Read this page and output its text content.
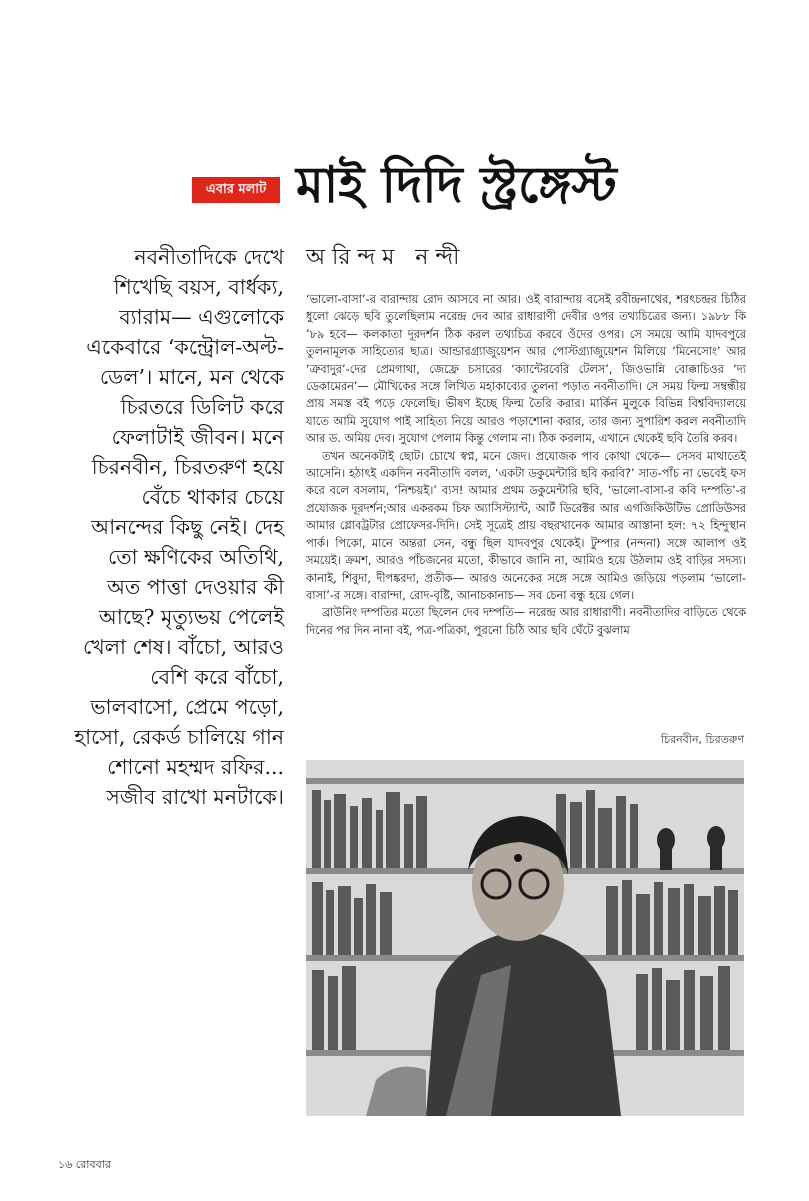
এবার মলাট মাই দিদি স্ট্রঙ্গেস্ট
অরিন্দম নন্দী

নবনীতাদিকে দেখে শিখেছি বয়স, বার্ধক্য, ব্যারাম— এগুলোকে একেবারে ‘কন্ট্রোল-অল্ট-ডেল’। মানে, মন থেকে চিরতরে ডিলিট করে ফেলাটাই জীবন। মনে চিরনবীন, চিরতরুণ হয়ে বেঁচে থাকার চেয়ে আনন্দের কিছু নেই। দেহ তো ক্ষণিকের অতিথি, অত পাত্তা দেওয়ার কী আছে? মৃত্যুভয় পেলেই খেলা শেষ। বাঁচো, আরও বেশি করে বাঁচো, ভালবাসো, প্রেমে পড়ো, হাসো, রেকর্ড চালিয়ে গান শোনো মহম্মদ রফির... সজীব রাখো মনটাকে।

‘ভালো-বাসা’-র বারান্দায় রোদ আসবে না আর। ওই বারান্দায় বসেই রবীন্দ্রনাথের, শরৎচন্দ্রর চিঠির ধুলো ঝেড়ে ছবি তুলেছিলাম নরেন্দ্র দেব আর রাধারাণী দেবীর ওপর তথ্যচিত্রের জন্য। ১৯৮৮ কি ’৮৯ হবে— কলকাতা দূরদর্শন ঠিক করল তথ্যচিত্র করবে ওঁদের ওপর। সে সময়ে আমি যাদবপুরে তুলনামূলক সাহিত্যের ছাত্র। আন্ডারগ্র্যাজুয়েশন আর পোস্টগ্র্যাজুয়েশন মিলিয়ে ‘মিনেসোং’ আর ‘ত্রুবাদুর’-দের প্রেমগাথা, জেফ্রে চসারের ‘ক্যান্টেরবেরি টেলস’, জিওভান্নি বোক্কাচিওর ‘দ্য ডেকামেরন’— মৌখিকের সঙ্গে লিখিত মহাকাব্যের তুলনা পড়াত নবনীতাদি। সে সময় ফিল্ম সম্বন্ধীয় প্রায় সমস্ত বই পড়ে ফেলেছি। ভীষণ ইচ্ছে ফিল্ম তৈরি করার। মার্কিন মুলুকে বিভিন্ন বিশ্ববিদ্যালয়ে যাতে আমি সুযোগ পাই সাহিত্য নিয়ে আরও পড়াশোনা করার, তার জন্য সুপারিশ করল নবনীতাদি আর ড. অমিয় দেব। সুযোগ পেলাম কিন্তু গেলাম না। ঠিক করলাম, এখানে থেকেই ছবি তৈরি করব।

তখন অনেকটাই ছোট। চোখে স্বপ্ন, মনে জেদ। প্রযোজক পাব কোথা থেকে— সেসব মাথাতেই আসেনি। হঠাৎই একদিন নবনীতাদি বলল, ‘একটা ডকুমেন্টারি ছবি করবি?’ সাত-পাঁচ না ভেবেই ফস করে বলে বসলাম, ‘নিশ্চয়ই।’ ব্যস! আমার প্রথম ডকুমেন্টারি ছবি, ‘ভালো-বাসা-র কবি দম্পতি’-র প্রযোজক দূরদর্শন;আর একরকম চিফ অ্যাসিস্ট্যান্ট, আর্ট ডিরেক্টর আর এগজিকিউটিভ প্রোডিউসর আমার গ্লোবট্রটার প্রোফেসর-দিদি। সেই সূত্রেই প্রায় বছরখানেক আমার আস্তানা হল: ৭২ হিন্দুস্থান পার্ক। পিকো, মানে অন্তরা সেন, বন্ধু ছিল যাদবপুর থেকেই। টুম্পার (নন্দনা) সঙ্গে আলাপ ওই সময়েই। ক্রমশ, আরও পাঁচজনের মতো, কীভাবে জানি না, আমিও হয়ে উঠলাম ওই বাড়ির সদস্য। কানাই, শিবুদা, দীপঙ্করদা, প্রতীক— আরও অনেকের সঙ্গে সঙ্গে আমিও জড়িয়ে পড়লাম ‘ভালো-বাসা’-র সঙ্গে। বারান্দা, রোদ-বৃষ্টি, আনাচকানাচ— সব চেনা বন্ধু হয়ে গেল।

ব্রাউনিং দম্পতির মতো ছিলেন দেব দম্পতি— নরেন্দ্র আর রাধারাণী। নবনীতাদির বাড়িতে থেকে দিনের পর দিন নানা বই, পত্র-পত্রিকা, পুরনো চিঠি আর ছবি ঘেঁটে বুঝলাম

চিরনবীন, চিরতরুণ
১৬ রোববার
